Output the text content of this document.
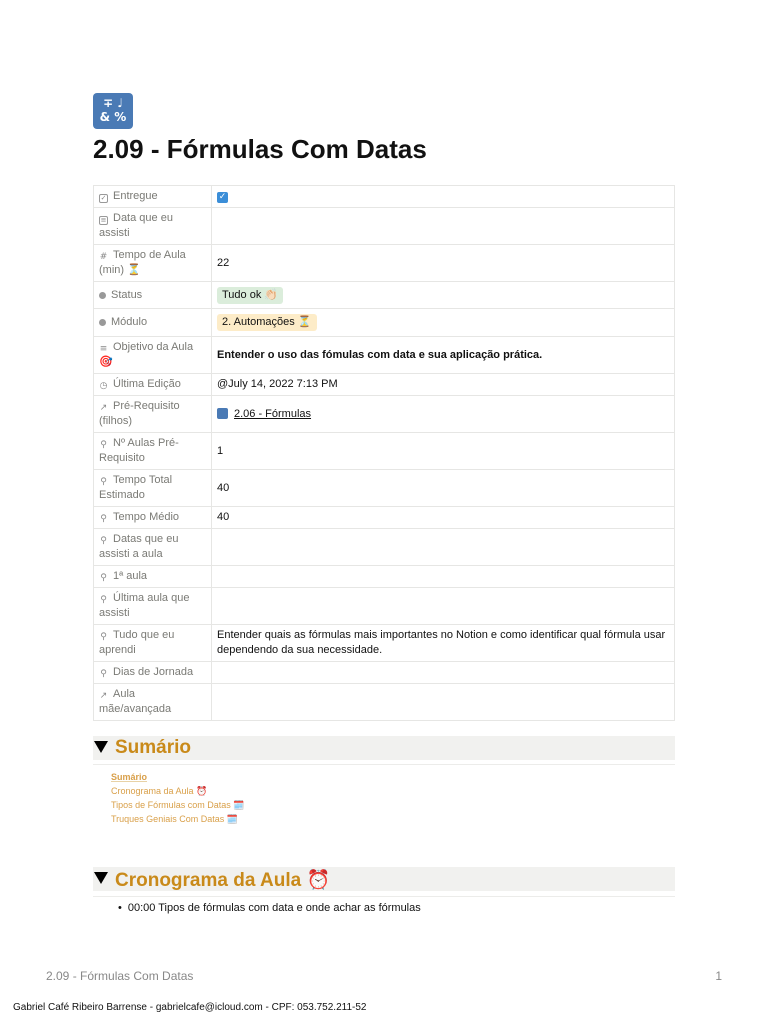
∓ ♩
& %
2.09 - Fórmulas Com Datas
✓ Entregue	✓
≡ Data que eu assisti	
# Tempo de Aula (min) ⏳	22
Status	Tudo ok 👏🏻
Módulo	2. Automações ⏳
≡ Objetivo da Aula 🎯	Entender o uso das fómulas com data e sua aplicação prática.
◷ Última Edição	@July 14, 2022 7:13 PM
↗ Pré-Requisito (filhos)	2.06 - Fórmulas
⚲ Nº Aulas Pré-Requisito	1
⚲ Tempo Total Estimado	40
⚲ Tempo Médio	40
⚲ Datas que eu assisti a aula	
⚲ 1ª aula	
⚲ Última aula que assisti	
⚲ Tudo que eu aprendi	Entender quais as fórmulas mais importantes no Notion e como identificar qual fórmula usar dependendo da sua necessidade.
⚲ Dias de Jornada	
↗ Aula mãe/avançada	
Sumário
Sumário
Cronograma da Aula ⏰
Tipos de Fórmulas com Datas 🗓️
Truques Geniais Com Datas 🗓️
Cronograma da Aula ⏰
• 00:00 Tipos de fórmulas com data e onde achar as fórmulas
2.09 - Fórmulas Com Datas	1
Gabriel Café Ribeiro Barrense - gabrielcafe@icloud.com - CPF: 053.752.211-52
